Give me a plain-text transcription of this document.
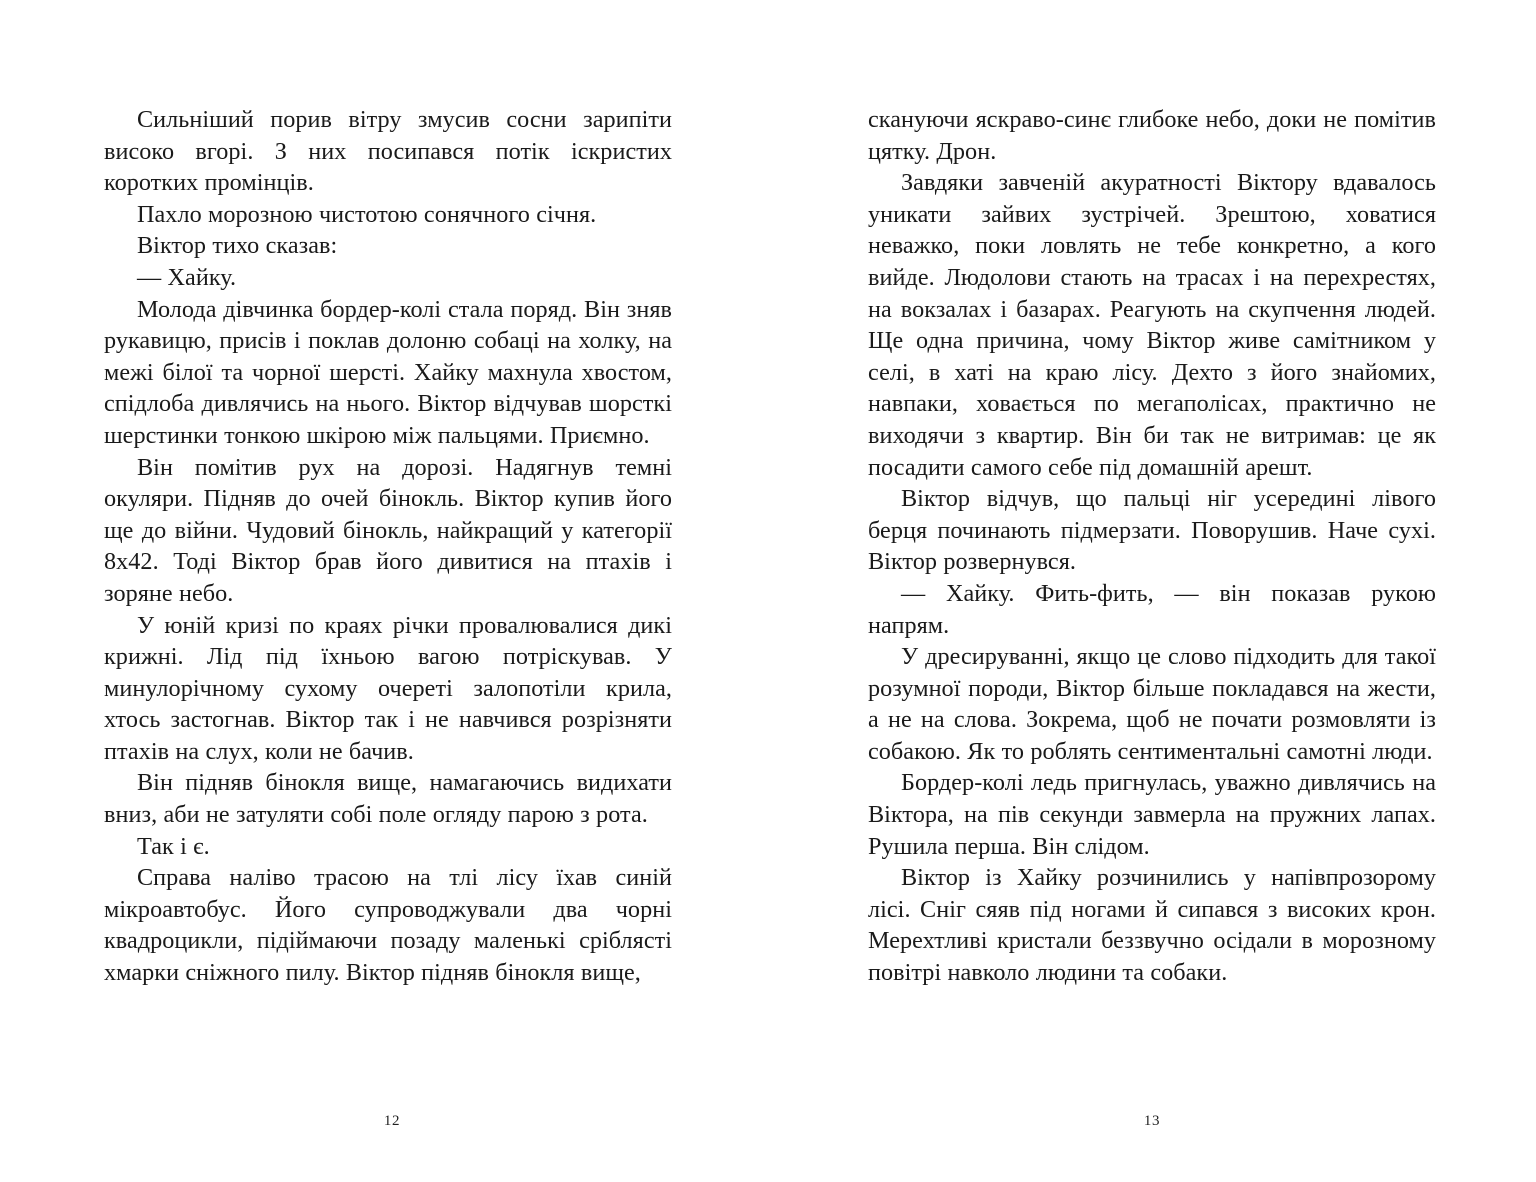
Сильніший порив вітру змусив сосни зарипіти високо вгорі. З них посипався потік іскристих коротких промінців.

Пахло морозною чистотою сонячного січня.

Віктор тихо сказав:

— Хайку.

Молода дівчинка бордер-колі стала поряд. Він зняв рукавицю, присів і поклав долоню собаці на холку, на межі білої та чорної шерсті. Хайку махнула хвостом, спідлоба дивлячись на нього. Віктор відчував шорсткі шерстинки тонкою шкірою між пальцями. Приємно.

Він помітив рух на дорозі. Надягнув темні окуляри. Підняв до очей бінокль. Віктор купив його ще до війни. Чудовий бінокль, найкращий у категорії 8x42. Тоді Віктор брав його дивитися на птахів і зоряне небо.

У юній кризі по краях річки провалювалися дикі крижні. Лід під їхньою вагою потріскував. У минулорічному сухому очереті залопотіли крила, хтось застогнав. Віктор так і не навчився розрізняти птахів на слух, коли не бачив.

Він підняв бінокля вище, намагаючись видихати вниз, аби не затуляти собі поле огляду парою з рота.

Так і є.

Справа наліво трасою на тлі лісу їхав синій мікроавтобус. Його супроводжували два чорні квадроцикли, підіймаючи позаду маленькі сріблясті хмарки сніжного пилу. Віктор підняв бінокля вище,

12

скануючи яскраво-синє глибоке небо, доки не помітив цятку. Дрон.

Завдяки завченій акуратності Віктору вдавалось уникати зайвих зустрічей. Зрештою, ховатися неважко, поки ловлять не тебе конкретно, а кого вийде. Людолови стають на трасах і на перехрестях, на вокзалах і базарах. Реагують на скупчення людей. Ще одна причина, чому Віктор живе самітником у селі, в хаті на краю лісу. Дехто з його знайомих, навпаки, ховається по мегаполісах, практично не виходячи з квартир. Він би так не витримав: це як посадити самого себе під домашній арешт.

Віктор відчув, що пальці ніг усередині лівого берця починають підмерзати. Поворушив. Наче сухі. Віктор розвернувся.

— Хайку. Фить-фить, — він показав рукою напрям.

У дресируванні, якщо це слово підходить для такої розумної породи, Віктор більше покладався на жести, а не на слова. Зокрема, щоб не почати розмовляти із собакою. Як то роблять сентиментальні самотні люди.

Бордер-колі ледь пригнулась, уважно дивлячись на Віктора, на пів секунди завмерла на пружних лапах. Рушила перша. Він слідом.

Віктор із Хайку розчинились у напівпрозорому лісі. Сніг сяяв під ногами й сипався з високих крон. Мерехтливі кристали беззвучно осідали в морозному повітрі навколо людини та собаки.

13
